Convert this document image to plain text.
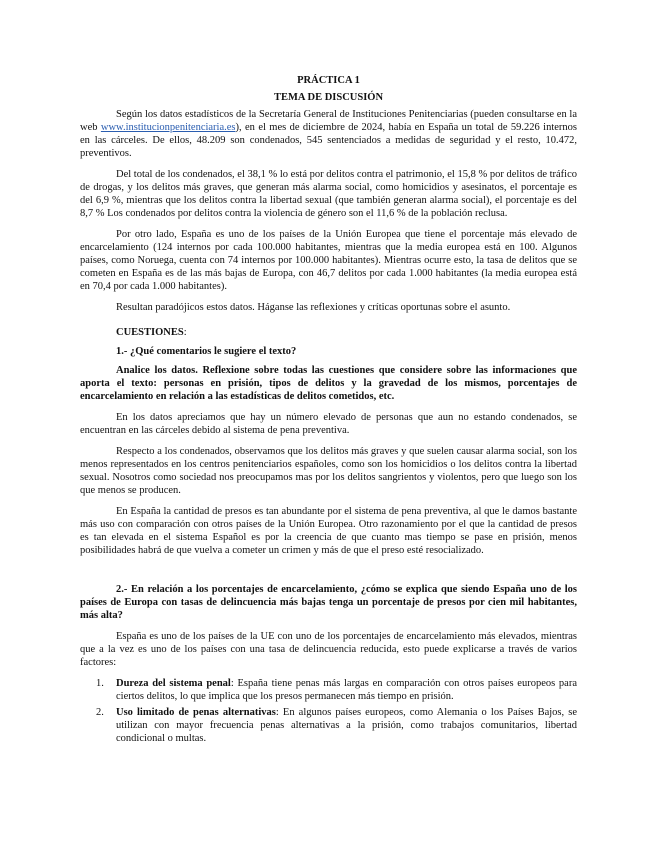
PRÁCTICA 1

TEMA DE DISCUSIÓN

Según los datos estadísticos de la Secretaría General de Instituciones Penitenciarias (pueden consultarse en la web www.institucionpenitenciaria.es), en el mes de diciembre de 2024, había en España un total de 59.226 internos en las cárceles. De ellos, 48.209 son condenados, 545 sentenciados a medidas de seguridad y el resto, 10.472, preventivos.

Del total de los condenados, el 38,1 % lo está por delitos contra el patrimonio, el 15,8 % por delitos de tráfico de drogas, y los delitos más graves, que generan más alarma social, como homicidios y asesinatos, el porcentaje es del 6,9 %, mientras que los delitos contra la libertad sexual (que también generan alarma social), el porcentaje es del 8,7 % Los condenados por delitos contra la violencia de género son el 11,6 % de la población reclusa.

Por otro lado, España es uno de los países de la Unión Europea que tiene el porcentaje más elevado de encarcelamiento (124 internos por cada 100.000 habitantes, mientras que la media europea está en 100. Algunos países, como Noruega, cuenta con 74 internos por 100.000 habitantes). Mientras ocurre esto, la tasa de delitos que se cometen en España es de las más bajas de Europa, con 46,7 delitos por cada 1.000 habitantes (la media europea está en 70,4 por cada 1.000 habitantes).

Resultan paradójicos estos datos. Háganse las reflexiones y críticas oportunas sobre el asunto.

CUESTIONES:

1.- ¿Qué comentarios le sugiere el texto?

Analice los datos. Reflexione sobre todas las cuestiones que considere sobre las informaciones que aporta el texto: personas en prisión, tipos de delitos y la gravedad de los mismos, porcentajes de encarcelamiento en relación a las estadísticas de delitos cometidos, etc.

En los datos apreciamos que hay un número elevado de personas que aun no estando condenados, se encuentran en las cárceles debido al sistema de pena preventiva.

Respecto a los condenados, observamos que los delitos más graves y que suelen causar alarma social, son los menos representados en los centros penitenciarios españoles, como son los homicidios o los delitos contra la libertad sexual. Nosotros como sociedad nos preocupamos mas por los delitos sangrientos y violentos, pero que luego son los que menos se producen.

En España la cantidad de presos es tan abundante por el sistema de pena preventiva, al que le damos bastante más uso con comparación con otros países de la Unión Europea. Otro razonamiento por el que la cantidad de presos es tan elevada en el sistema Español es por la creencia de que cuanto mas tiempo se pase en prisión, menos posibilidades habrá de que vuelva a cometer un crimen y más de que el preso esté resocializado.

2.- En relación a los porcentajes de encarcelamiento, ¿cómo se explica que siendo España uno de los países de Europa con tasas de delincuencia más bajas tenga un porcentaje de presos por cien mil habitantes, más alta?

España es uno de los países de la UE con uno de los porcentajes de encarcelamiento más elevados, mientras que a la vez es uno de los países con una tasa de delincuencia reducida, esto puede explicarse a través de varios factores:

1. Dureza del sistema penal: España tiene penas más largas en comparación con otros países europeos para ciertos delitos, lo que implica que los presos permanecen más tiempo en prisión.
2. Uso limitado de penas alternativas: En algunos países europeos, como Alemania o los Países Bajos, se utilizan con mayor frecuencia penas alternativas a la prisión, como trabajos comunitarios, libertad condicional o multas.
